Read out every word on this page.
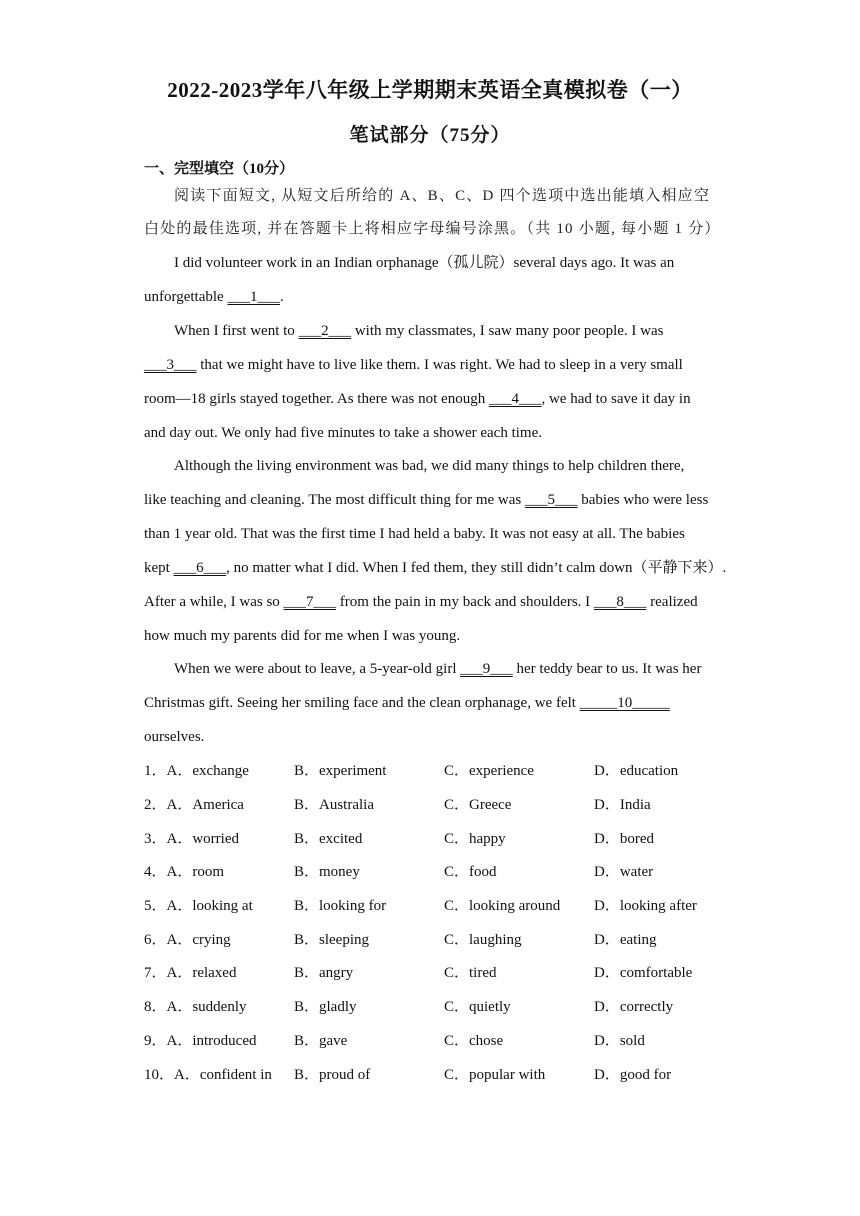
2022-2023学年八年级上学期期末英语全真模拟卷（一）
笔试部分（75分）
一、完型填空（10分）
阅读下面短文, 从短文后所给的 A、B、C、D 四个选项中选出能填入相应空
白处的最佳选项, 并在答题卡上将相应字母编号涂黑。（共 10 小题, 每小题 1 分）
I did volunteer work in an Indian orphanage（孤儿院）several days ago. It was an
unforgettable ___1___.
When I first went to ___2___ with my classmates, I saw many poor people. I was
___3___ that we might have to live like them. I was right. We had to sleep in a very small
room—18 girls stayed together. As there was not enough ___4___, we had to save it day in
and day out. We only had five minutes to take a shower each time.
Although the living environment was bad, we did many things to help children there,
like teaching and cleaning. The most difficult thing for me was ___5___ babies who were less
than 1 year old. That was the first time I had held a baby. It was not easy at all. The babies
kept ___6___, no matter what I did. When I fed them, they still didn’t calm down（平静下来）.
After a while, I was so ___7___ from the pain in my back and shoulders. I ___8___ realized
how much my parents did for me when I was young.
When we were about to leave, a 5-year-old girl ___9___ her teddy bear to us. It was her
Christmas gift. Seeing her smiling face and the clean orphanage, we felt _____10_____
ourselves.
1．A．exchange	B．experiment	C．experience	D．education
2．A．America	B．Australia	C．Greece	D．India
3．A．worried	B．excited	C．happy	D．bored
4．A．room	B．money	C．food	D．water
5．A．looking at	B．looking for	C．looking around D．looking after
6．A．crying	B．sleeping	C．laughing	D．eating
7．A．relaxed	B．angry	C．tired	D．comfortable
8．A．suddenly	B．gladly	C．quietly	D．correctly
9．A．introduced	B．gave	C．chose	D．sold
10．A．confident in B．proud of	C．popular with	D．good for
